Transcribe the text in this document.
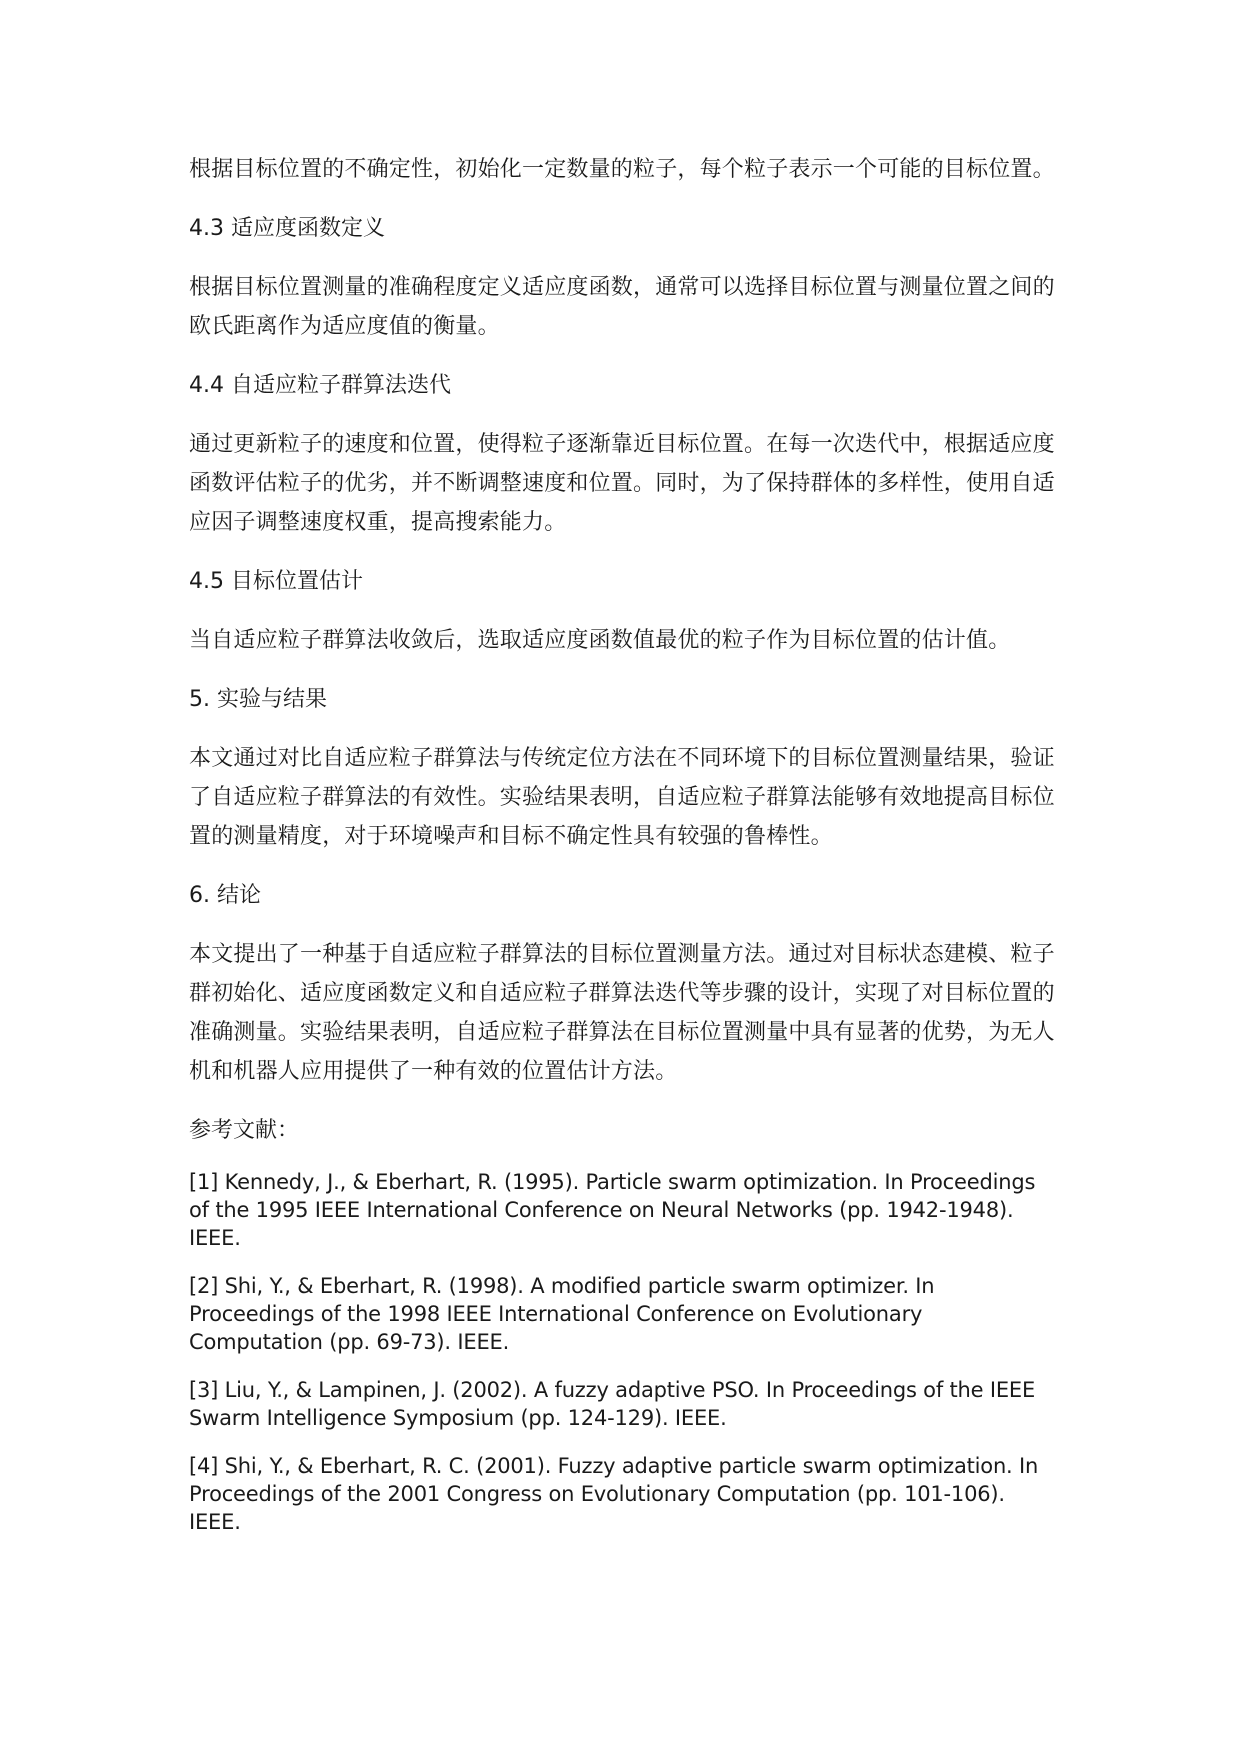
根据目标位置的不确定性，初始化一定数量的粒子，每个粒子表示一个可能的目标位置。

4.3 适应度函数定义

根据目标位置测量的准确程度定义适应度函数，通常可以选择目标位置与测量位置之间的欧氏距离作为适应度值的衡量。

4.4 自适应粒子群算法迭代

通过更新粒子的速度和位置，使得粒子逐渐靠近目标位置。在每一次迭代中，根据适应度函数评估粒子的优劣，并不断调整速度和位置。同时，为了保持群体的多样性，使用自适应因子调整速度权重，提高搜索能力。

4.5 目标位置估计

当自适应粒子群算法收敛后，选取适应度函数值最优的粒子作为目标位置的估计值。

5. 实验与结果

本文通过对比自适应粒子群算法与传统定位方法在不同环境下的目标位置测量结果，验证了自适应粒子群算法的有效性。实验结果表明，自适应粒子群算法能够有效地提高目标位置的测量精度，对于环境噪声和目标不确定性具有较强的鲁棒性。

6. 结论

本文提出了一种基于自适应粒子群算法的目标位置测量方法。通过对目标状态建模、粒子群初始化、适应度函数定义和自适应粒子群算法迭代等步骤的设计，实现了对目标位置的准确测量。实验结果表明，自适应粒子群算法在目标位置测量中具有显著的优势，为无人机和机器人应用提供了一种有效的位置估计方法。

参考文献：

[1] Kennedy, J., & Eberhart, R. (1995). Particle swarm optimization. In Proceedings of the 1995 IEEE International Conference on Neural Networks (pp. 1942-1948). IEEE.

[2] Shi, Y., & Eberhart, R. (1998). A modified particle swarm optimizer. In Proceedings of the 1998 IEEE International Conference on Evolutionary Computation (pp. 69-73). IEEE.

[3] Liu, Y., & Lampinen, J. (2002). A fuzzy adaptive PSO. In Proceedings of the IEEE Swarm Intelligence Symposium (pp. 124-129). IEEE.

[4] Shi, Y., & Eberhart, R. C. (2001). Fuzzy adaptive particle swarm optimization. In Proceedings of the 2001 Congress on Evolutionary Computation (pp. 101-106). IEEE.
